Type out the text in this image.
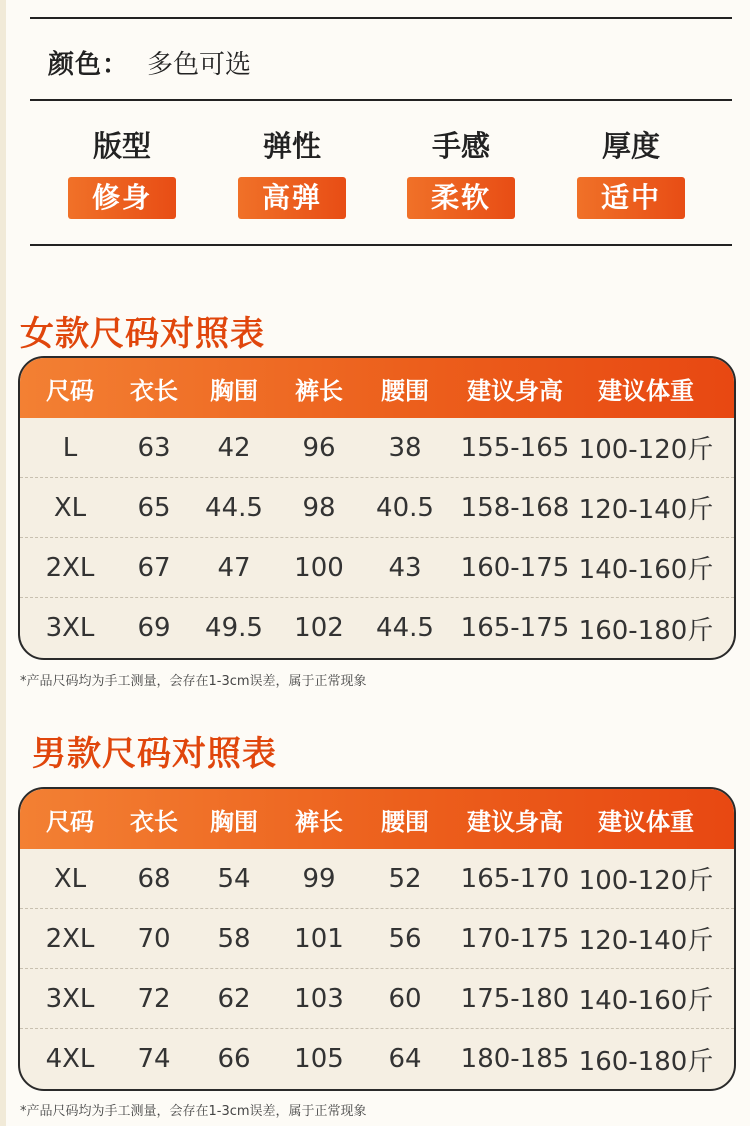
颜色： 多色可选
版型
修身
弹性
高弹
手感
柔软
厚度
适中
女款尺码对照表
尺码	衣长	胸围	裤长	腰围	建议身高	建议体重
L	63	42	96	38	155-165 100-120斤
XL	65	44.5	98	40.5	158-168 120-140斤
2XL	67	47	100	43	160-175 140-160斤
3XL	69	49.5	102	44.5	165-175 160-180斤
*产品尺码均为手工测量，会存在1-3cm误差，属于正常现象
男款尺码对照表
尺码	衣长	胸围	裤长	腰围	建议身高	建议体重
XL	68	54	99	52	165-170 100-120斤
2XL	70	58	101	56	170-175 120-140斤
3XL	72	62	103	60	175-180 140-160斤
4XL	74	66	105	64	180-185 160-180斤
*产品尺码均为手工测量，会存在1-3cm误差，属于正常现象
